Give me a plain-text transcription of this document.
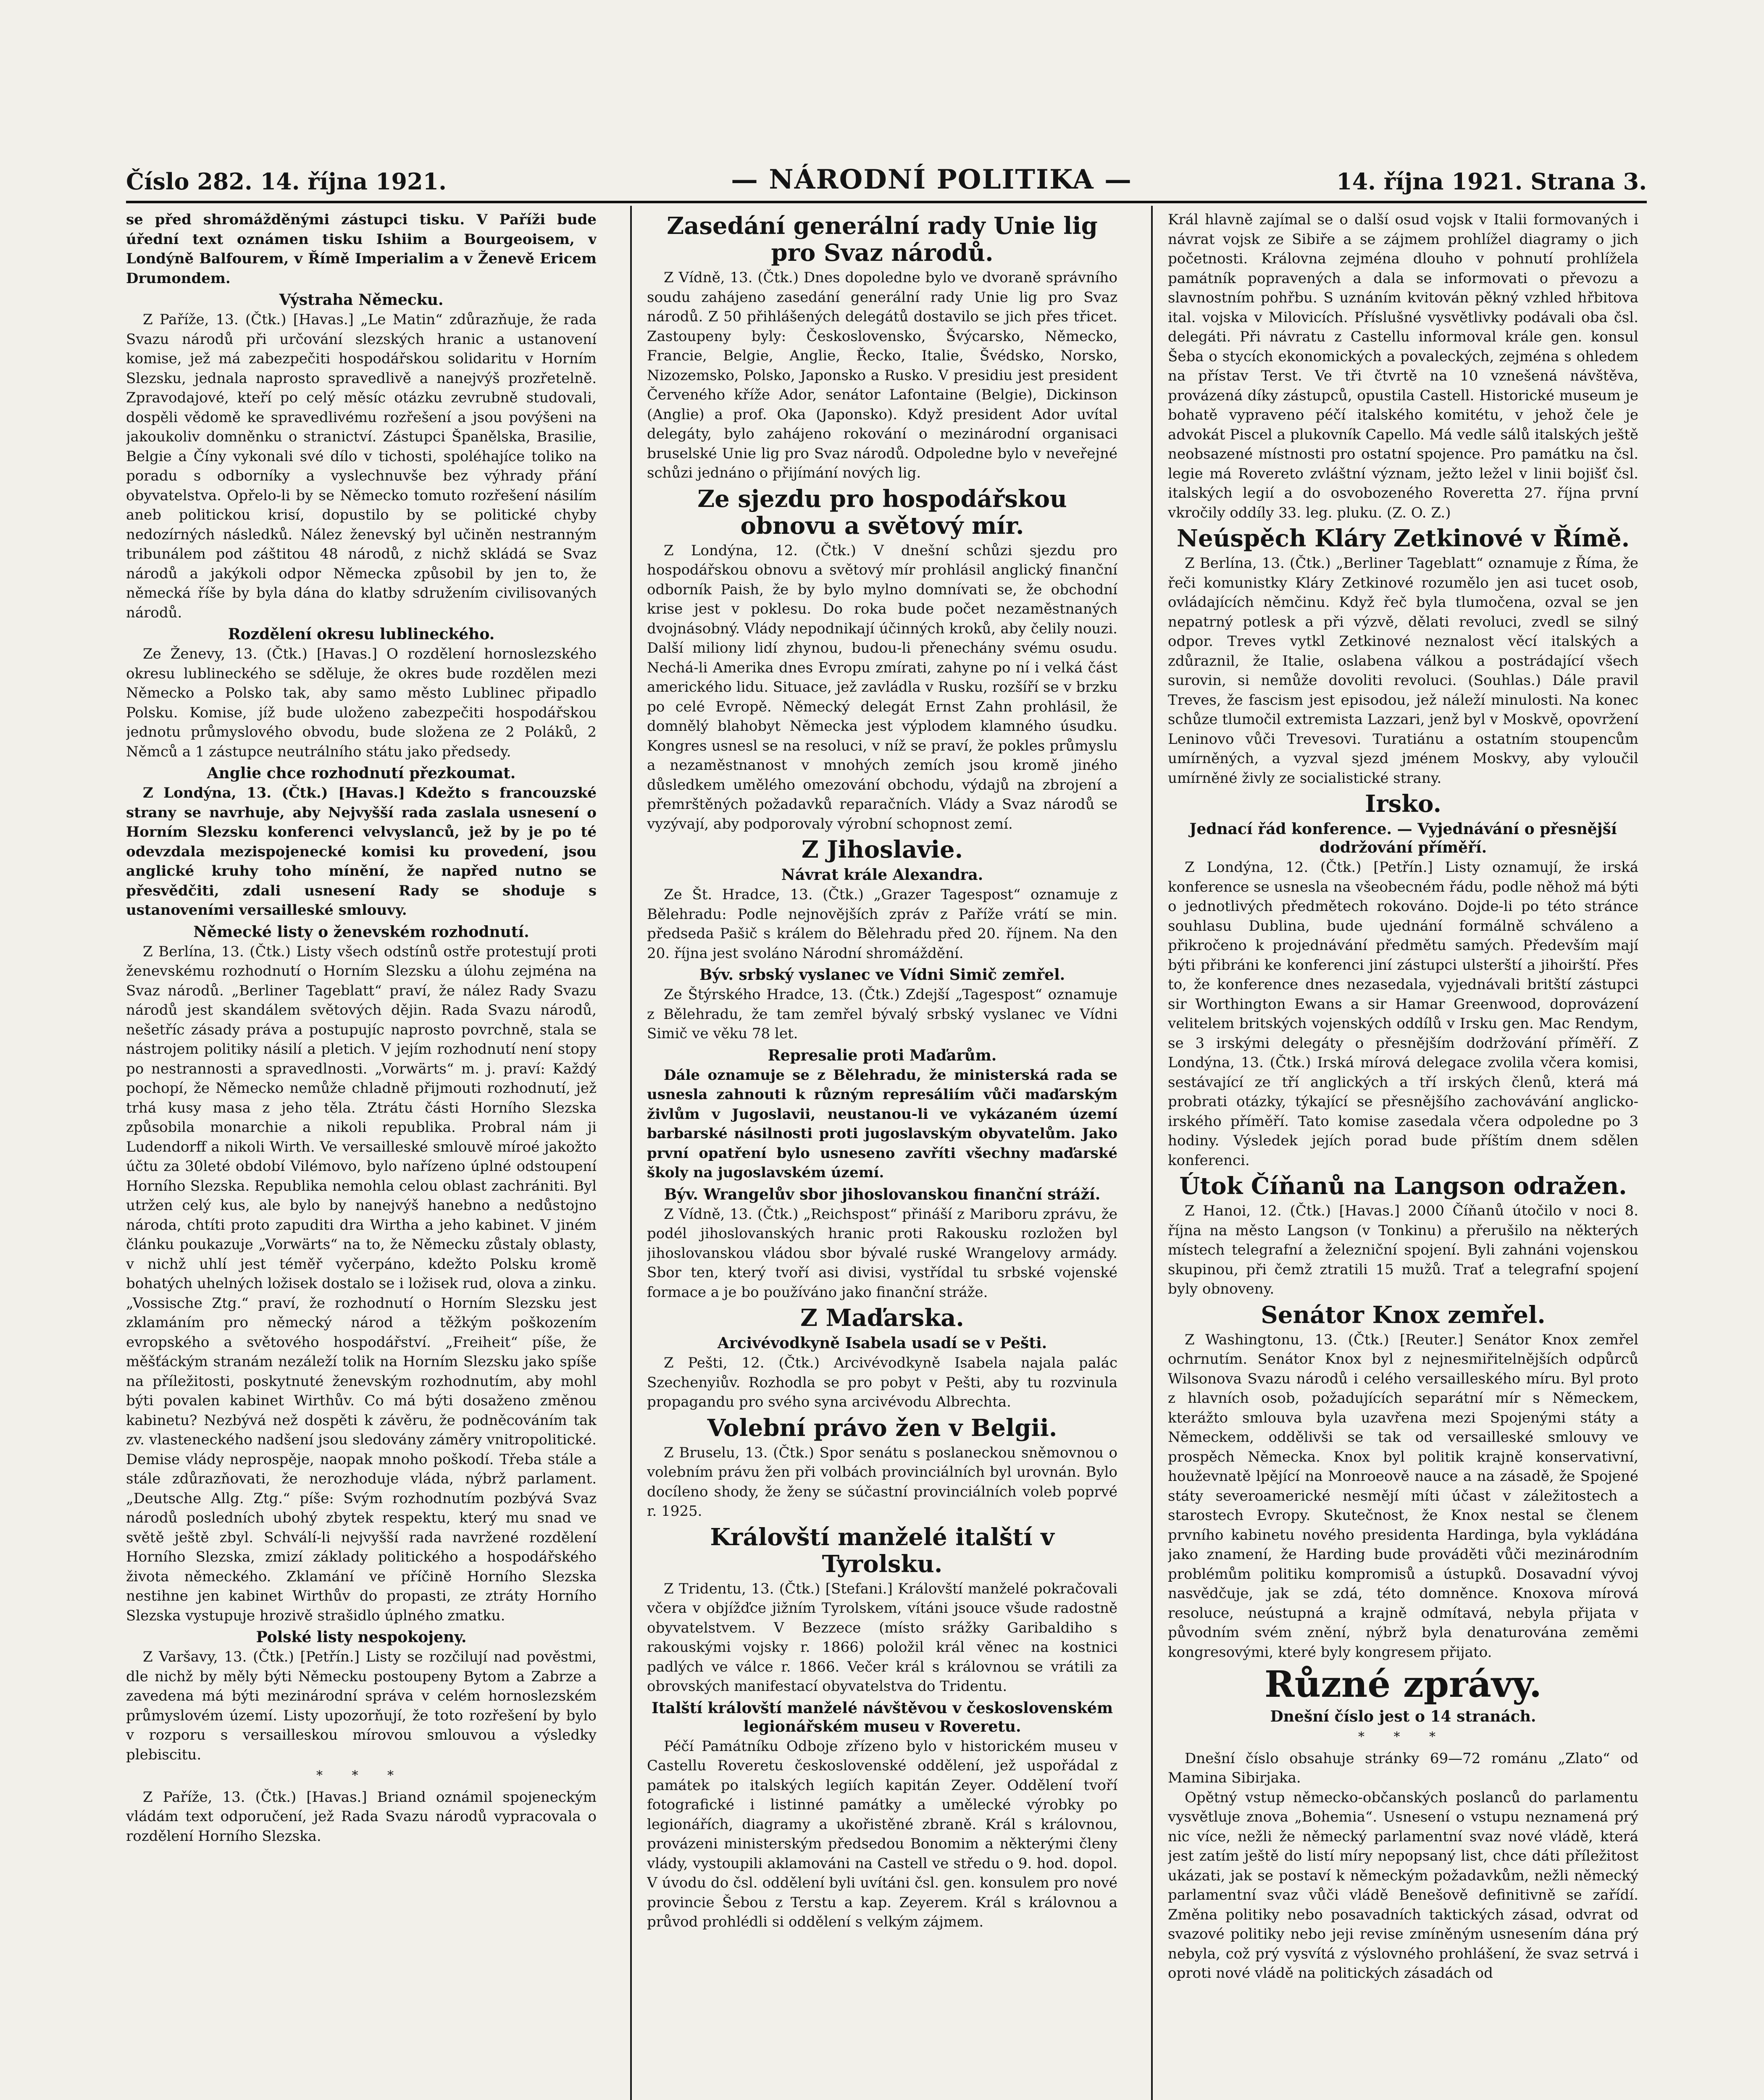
Číslo 282. 14. října 1921.	— NÁRODNÍ POLITIKA —	14. října 1921. Strana 3.

se před shromážděnými zástupci tisku. V Paříži bude úřední text oznámen tisku Ishiim a Bourgeoisem, v Londýně Balfourem, v Římě Imperialim a v Ženevě Ericem Drumondem.

Výstraha Německu.

Z Paříže, 13. (Čtk.) [Havas.] „Le Matin“ zdůrazňuje, že rada Svazu národů při určování slezských hranic a ustanovení komise, jež má zabezpečiti hospodářskou solidaritu v Horním Slezsku, jednala naprosto spravedlivě a nanejvýš prozřetelně. Zpravodajové, kteří po celý měsíc otázku zevrubně studovali, dospěli vědomě ke spravedlivému rozřešení a jsou povýšeni na jakoukoliv domněnku o stranictví. Zástupci Španělska, Brasilie, Belgie a Číny vykonali své dílo v tichosti, spoléhajíce toliko na poradu s odborníky a vyslechnuvše bez výhrady přání obyvatelstva. Opřelo-li by se Německo tomuto rozřešení násilím aneb politickou krisí, dopustilo by se politické chyby nedozírných následků. Nález ženevský byl učiněn nestranným tribunálem pod záštitou 48 národů, z nichž skládá se Svaz národů a jakýkoli odpor Německa způsobil by jen to, že německá říše by byla dána do klatby sdružením civilisovaných národů.

Rozdělení okresu lublineckého.

Ze Ženevy, 13. (Čtk.) [Havas.] O rozdělení hornoslezského okresu lublineckého se sděluje, že okres bude rozdělen mezi Německo a Polsko tak, aby samo město Lublinec připadlo Polsku. Komise, jíž bude uloženo zabezpečiti hospodářskou jednotu průmyslového obvodu, bude složena ze 2 Poláků, 2 Němců a 1 zástupce neutrálního státu jako předsedy.

Anglie chce rozhodnutí přezkoumat.

Z Londýna, 13. (Čtk.) [Havas.] Kdežto s francouzské strany se navrhuje, aby Nejvyšší rada zaslala usnesení o Horním Slezsku konferenci velvyslanců, jež by je po té odevzdala mezispojenecké komisi ku provedení, jsou anglické kruhy toho mínění, že napřed nutno se přesvědčiti, zdali usnesení Rady se shoduje s ustanoveními versailleské smlouvy.

Německé listy o ženevském rozhodnutí.

Z Berlína, 13. (Čtk.) Listy všech odstínů ostře protestují proti ženevskému rozhodnutí o Horním Slezsku a úlohu zejména na Svaz národů. „Berliner Tageblatt“ praví, že nález Rady Svazu národů jest skandálem světových dějin. Rada Svazu národů, nešetříc zásady práva a postupujíc naprosto povrchně, stala se nástrojem politiky násilí a pletich. V jejím rozhodnutí není stopy po nestrannosti a spravedlnosti. „Vorwärts“ m. j. praví: Každý pochopí, že Německo nemůže chladně přijmouti rozhodnutí, jež trhá kusy masa z jeho těla. Ztrátu části Horního Slezska způsobila monarchie a nikoli republika. Probral nám ji Ludendorff a nikoli Wirth. Ve versailleské smlouvě míroé jakožto účtu za 30leté období Vilémovo, bylo nařízeno úplné odstoupení Horního Slezska. Republika nemohla celou oblast zachrániti. Byl utržen celý kus, ale bylo by nanejvýš hanebno a nedůstojno národa, chtíti proto zapuditi dra Wirtha a jeho kabinet. V jiném článku poukazuje „Vorwärts“ na to, že Německu zůstaly oblasty, v nichž uhlí jest téměř vyčerpáno, kdežto Polsku kromě bohatých uhelných ložisek dostalo se i ložisek rud, olova a zinku. „Vossische Ztg.“ praví, že rozhodnutí o Horním Slezsku jest zklamáním pro německý národ a těžkým poškozením evropského a světového hospodářství. „Freiheit“ píše, že měšťáckým stranám nezáleží tolik na Horním Slezsku jako spíše na příležitosti, poskytnuté ženevským rozhodnutím, aby mohl býti povalen kabinet Wirthův. Co má býti dosaženo změnou kabinetu? Nezbývá než dospěti k závěru, že podněcováním tak zv. vlasteneckého nadšení jsou sledovány záměry vnitropolitické. Demise vlády neprospěje, naopak mnoho poškodí. Třeba stále a stále zdůrazňovati, že nerozhoduje vláda, nýbrž parlament. „Deutsche Allg. Ztg.“ píše: Svým rozhodnutím pozbývá Svaz národů posledních ubohý zbytek respektu, který mu snad ve světě ještě zbyl. Schválí-li nejvyšší rada navržené rozdělení Horního Slezska, zmizí základy politického a hospodářského života německého. Zklamání ve příčině Horního Slezska nestihne jen kabinet Wirthův do propasti, ze ztráty Horního Slezska vystupuje hrozivě strašidlo úplného zmatku.

Polské listy nespokojeny.

Z Varšavy, 13. (Čtk.) [Petřín.] Listy se rozčilují nad pověstmi, dle nichž by měly býti Německu postoupeny Bytom a Zabrze a zavedena má býti mezinárodní správa v celém hornoslezském průmyslovém území. Listy upozorňují, že toto rozřešení by bylo v rozporu s versailleskou mírovou smlouvou a výsledky plebiscitu.

* * *

Z Paříže, 13. (Čtk.) [Havas.] Briand oznámil spojeneckým vládám text odporučení, jež Rada Svazu národů vypracovala o rozdělení Horního Slezska.

Zasedání generální rady Unie lig pro Svaz národů.

Z Vídně, 13. (Čtk.) Dnes dopoledne bylo ve dvoraně správního soudu zahájeno zasedání generální rady Unie lig pro Svaz národů. Z 50 přihlášených delegátů dostavilo se jich přes třicet. Zastoupeny byly: Československo, Švýcarsko, Německo, Francie, Belgie, Anglie, Řecko, Italie, Švédsko, Norsko, Nizozemsko, Polsko, Japonsko a Rusko. V presidiu jest president Červeného kříže Ador, senátor Lafontaine (Belgie), Dickinson (Anglie) a prof. Oka (Japonsko). Když president Ador uvítal delegáty, bylo zahájeno rokování o mezinárodní organisaci bruselské Unie lig pro Svaz národů. Odpoledne bylo v neveřejné schůzi jednáno o přijímání nových lig.

Ze sjezdu pro hospodářskou obnovu a světový mír.

Z Londýna, 12. (Čtk.) V dnešní schůzi sjezdu pro hospodářskou obnovu a světový mír prohlásil anglický finanční odborník Paish, že by bylo mylno domnívati se, že obchodní krise jest v poklesu. Do roka bude počet nezaměstnaných dvojnásobný. Vlády nepodnikají účinných kroků, aby čelily nouzi. Další miliony lidí zhynou, budou-li přenechány svému osudu. Nechá-li Amerika dnes Evropu zmírati, zahyne po ní i velká část amerického lidu. Situace, jež zavládla v Rusku, rozšíří se v brzku po celé Evropě. Německý delegát Ernst Zahn prohlásil, že domnělý blahobyt Německa jest výplodem klamného úsudku. Kongres usnesl se na resoluci, v níž se praví, že pokles průmyslu a nezaměstnanost v mnohých zemích jsou kromě jiného důsledkem umělého omezování obchodu, výdajů na zbrojení a přemrštěných požadavků reparačních. Vlády a Svaz národů se vyzývají, aby podporovaly výrobní schopnost zemí.

Z Jihoslavie.
Návrat krále Alexandra.

Ze Št. Hradce, 13. (Čtk.) „Grazer Tagespost“ oznamuje z Bělehradu: Podle nejnovějších zpráv z Paříže vrátí se min. předseda Pašič s králem do Bělehradu před 20. říjnem. Na den 20. října jest svoláno Národní shromáždění.

Býv. srbský vyslanec ve Vídni Simič zemřel.

Ze Štýrského Hradce, 13. (Čtk.) Zdejší „Tagespost“ oznamuje z Bělehradu, že tam zemřel bývalý srbský vyslanec ve Vídni Simič ve věku 78 let.

Represalie proti Maďarům.

Dále oznamuje se z Bělehradu, že ministerská rada se usnesla zahnouti k různým represáliím vůči maďarským živlům v Jugoslavii, neustanou-li ve vykázaném území barbarské násilnosti proti jugoslavským obyvatelům. Jako první opatření bylo usneseno zavříti všechny maďarské školy na jugoslavském území.

Býv. Wrangelův sbor jihoslovanskou finanční stráží.

Z Vídně, 13. (Čtk.) „Reichspost“ přináší z Mariboru zprávu, že podél jihoslovanských hranic proti Rakousku rozložen byl jihoslovanskou vládou sbor bývalé ruské Wrangelovy armády. Sbor ten, který tvoří asi divisi, vystřídal tu srbské vojenské formace a je bo používáno jako finanční stráže.

Z Maďarska.
Arcivévodkyně Isabela usadí se v Pešti.

Z Pešti, 12. (Čtk.) Arcivévodkyně Isabela najala palác Szechenyiův. Rozhodla se pro pobyt v Pešti, aby tu rozvinula propagandu pro svého syna arcivévodu Albrechta.

Volební právo žen v Belgii.

Z Bruselu, 13. (Čtk.) Spor senátu s poslaneckou sněmovnou o volebním právu žen při volbách provinciálních byl urovnán. Bylo docíleno shody, že ženy se súčastní provinciálních voleb poprvé r. 1925.

Královští manželé italští v Tyrolsku.

Z Tridentu, 13. (Čtk.) [Stefani.] Královští manželé pokračovali včera v objížďce jižním Tyrolskem, vítáni jsouce všude radostně obyvatelstvem. V Bezzece (místo srážky Garibaldiho s rakouskými vojsky r. 1866) položil král věnec na kostnici padlých ve válce r. 1866. Večer král s královnou se vrátili za obrovských manifestací obyvatelstva do Tridentu.

Italští královští manželé návštěvou v československém legionářském museu v Roveretu.

Péčí Památníku Odboje zřízeno bylo v historickém museu v Castellu Roveretu československé oddělení, jež uspořádal z památek po italských legiích kapitán Zeyer. Oddělení tvoří fotografické i listinné památky a umělecké výrobky po legionářích, diagramy a ukořistěné zbraně. Král s královnou, provázeni ministerským předsedou Bonomim a některými členy vlády, vystoupili aklamováni na Castell ve středu o 9. hod. dopol. V úvodu do čsl. oddělení byli uvítáni čsl. gen. konsulem pro nové provincie Šebou z Terstu a kap. Zeyerem. Král s královnou a průvod prohlédli si oddělení s velkým zájmem.

Král hlavně zajímal se o další osud vojsk v Italii formovaných i návrat vojsk ze Sibiře a se zájmem prohlížel diagramy o jich početnosti. Královna zejména dlouho v pohnutí prohlížela památník popravených a dala se informovati o převozu a slavnostním pohřbu. S uznáním kvitován pěkný vzhled hřbitova ital. vojska v Milovicích. Příslušné vysvětlivky podávali oba čsl. delegáti. Při návratu z Castellu informoval krále gen. konsul Šeba o stycích ekonomických a povaleckých, zejména s ohledem na přístav Terst. Ve tři čtvrtě na 10 vznešená návštěva, provázená díky zástupců, opustila Castell. Historické museum je bohatě vypraveno péčí italského komitétu, v jehož čele je advokát Piscel a plukovník Capello. Má vedle sálů italských ještě neobsazené místnosti pro ostatní spojence. Pro památku na čsl. legie má Rovereto zvláštní význam, ježto ležel v linii bojišť čsl. italských legií a do osvobozeného Roveretta 27. října první vkročily oddíly 33. leg. pluku. (Z. O. Z.)

Neúspěch Kláry Zetkinové v Římě.

Z Berlína, 13. (Čtk.) „Berliner Tageblatt“ oznamuje z Říma, že řeči komunistky Kláry Zetkinové rozumělo jen asi tucet osob, ovládajících němčinu. Když řeč byla tlumočena, ozval se jen nepatrný potlesk a při výzvě, dělati revoluci, zvedl se silný odpor. Treves vytkl Zetkinové neznalost věcí italských a zdůraznil, že Italie, oslabena válkou a postrádající všech surovin, si nemůže dovoliti revoluci. (Souhlas.) Dále pravil Treves, že fascism jest episodou, jež náleží minulosti. Na konec schůze tlumočil extremista Lazzari, jenž byl v Moskvě, opovržení Leninovo vůči Trevesovi. Turatiánu a ostatním stoupencům umírněných, a vyzval sjezd jménem Moskvy, aby vyloučil umírněné živly ze socialistické strany.

Irsko.
Jednací řád konference. — Vyjednávání o přesnější dodržování příměří.

Z Londýna, 12. (Čtk.) [Petřín.] Listy oznamují, že irská konference se usnesla na všeobecném řádu, podle něhož má býti o jednotlivých předmětech rokováno. Dojde-li po této stránce souhlasu Dublina, bude ujednání formálně schváleno a přikročeno k projednávání předmětu samých. Především mají býti přibráni ke konferenci jiní zástupci ulsterští a jihoirští. Přes to, že konference dnes nezasedala, vyjednávali britští zástupci sir Worthington Ewans a sir Hamar Greenwood, doprovázení velitelem britských vojenských oddílů v Irsku gen. Mac Rendym, se 3 irskými delegáty o přesnějším dodržování příměří. Z Londýna, 13. (Čtk.) Irská mírová delegace zvolila včera komisi, sestávající ze tří anglických a tří irských členů, která má probrati otázky, týkající se přesnějšího zachovávání anglicko-irského příměří. Tato komise zasedala včera odpoledne po 3 hodiny. Výsledek jejích porad bude příštím dnem sdělen konferenci.

Útok Číňanů na Langson odražen.

Z Hanoi, 12. (Čtk.) [Havas.] 2000 Číňanů útočilo v noci 8. října na město Langson (v Tonkinu) a přerušilo na některých místech telegrafní a železniční spojení. Byli zahnáni vojenskou skupinou, při čemž ztratili 15 mužů. Trať a telegrafní spojení byly obnoveny.

Senátor Knox zemřel.

Z Washingtonu, 13. (Čtk.) [Reuter.] Senátor Knox zemřel ochrnutím. Senátor Knox byl z nejnesmiřitelnějších odpůrců Wilsonova Svazu národů i celého versailleského míru. Byl proto z hlavních osob, požadujících separátní mír s Německem, kterážto smlouva byla uzavřena mezi Spojenými státy a Německem, oddělivši se tak od versailleské smlouvy ve prospěch Německa. Knox byl politik krajně konservativní, houževnatě lpějící na Monroeově nauce a na zásadě, že Spojené státy severoamerické nesmějí míti účast v záležitostech a starostech Evropy. Skutečnost, že Knox nestal se členem prvního kabinetu nového presidenta Hardinga, byla vykládána jako znamení, že Harding bude prováděti vůči mezinárodním problémům politiku kompromisů a ústupků. Dosavadní vývoj nasvědčuje, jak se zdá, této domněnce. Knoxova mírová resoluce, neústupná a krajně odmítavá, nebyla přijata v původním svém znění, nýbrž byla denaturována zeměmi kongresovými, které byly kongresem přijato.

Různé zprávy.
Dnešní číslo jest o 14 stranách.
* * *

Dnešní číslo obsahuje stránky 69—72 románu „Zlato“ od Mamina Sibirjaka.

Opětný vstup německo-občanských poslanců do parlamentu vysvětluje znova „Bohemia“. Usnesení o vstupu neznamená prý nic více, nežli že německý parlamentní svaz nové vládě, která jest zatím ještě do listí míry nepopsaný list, chce dáti příležitost ukázati, jak se postaví k německým požadavkům, nežli německý parlamentní svaz vůči vládě Benešově definitivně se zařídí. Změna politiky nebo posavadních taktických zásad, odvrat od svazové politiky nebo jeji revise zmíněným usnesením dána prý nebyla, což prý vysvítá z výslovného prohlášení, že svaz setrvá i oproti nové vládě na politických zásadách od
